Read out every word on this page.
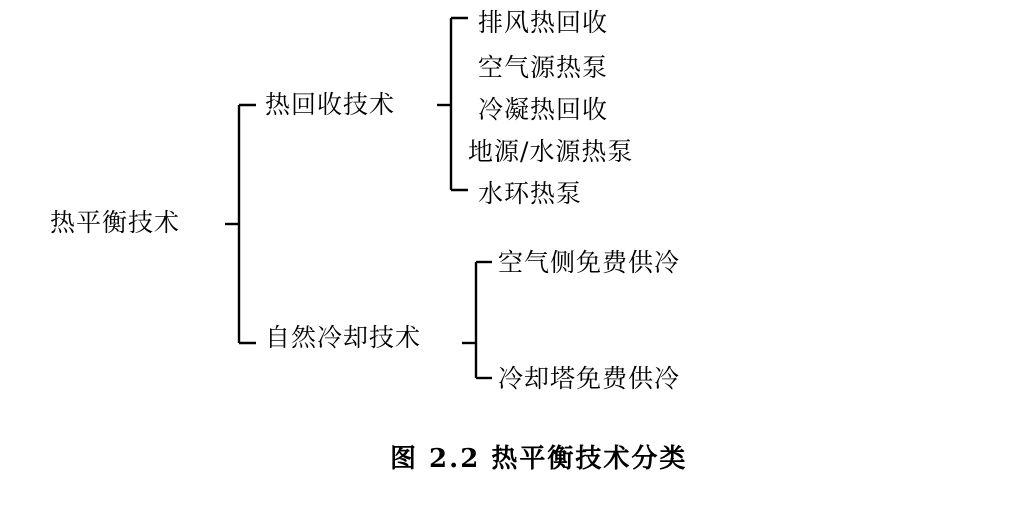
热平衡技术
热回收技术
自然冷却技术
排风热回收
空气源热泵
冷凝热回收
地源/水源热泵
水环热泵
空气侧免费供冷
冷却塔免费供冷
图 2.2 热平衡技术分类
